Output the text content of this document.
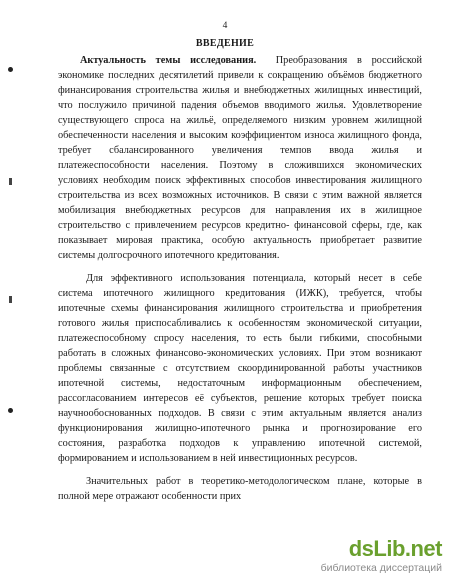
4
ВВЕДЕНИЕ
Актуальность темы исследования. Преобразования в российской
экономике последних десятилетий привели к сокращению объёмов бюджетного
финансирования строительства жилья и внебюджетных жилищных инвестиций,
что послужило причиной падения объемов вводимого жилья. Удовлетворение
существующего спроса на жильё, определяемого низким уровнем жилищной
обеспеченности населения и высоким коэффициентом износа жилищного фонда,
требует сбалансированного увеличения темпов ввода жилья и
платежеспособности населения. Поэтому в сложившихся экономических
условиях необходим поиск эффективных способов инвестирования жилищного
строительства из всех возможных источников. В связи с этим важной является
мобилизация внебюджетных ресурсов для направления их в жилищное
строительство с привлечением ресурсов кредитно- финансовой сферы, где, как
показывает мировая практика, особую актуальность приобретает развитие
системы долгосрочного ипотечного кредитования.
Для эффективного использования потенциала, который несет в себе
система ипотечного жилищного кредитования (ИЖК), требуется, чтобы
ипотечные схемы финансирования жилищного строительства и приобретения
готового жилья приспосабливались к особенностям экономической ситуации,
платежеспособному спросу населения, то есть были гибкими, способными
работать в сложных финансово-экономических условиях. При этом возникают
проблемы связанные с отсутствием скоординированной работы участников
ипотечной системы, недостаточным информационным обеспечением,
рассогласованием интересов её субъектов, решение которых требует поиска
научнообоснованных подходов. В связи с этим актуальным является анализ
функционирования жилищно-ипотечного рынка и прогнозирование его
состояния, разработка подходов к управлению ипотечной системой,
формированием и использованием в ней инвестиционных ресурсов.
Значительных работ в теоретико-методологическом плане, которые в
полной мере отражают особенности прих
dsLib.net
библиотека диссертаций
